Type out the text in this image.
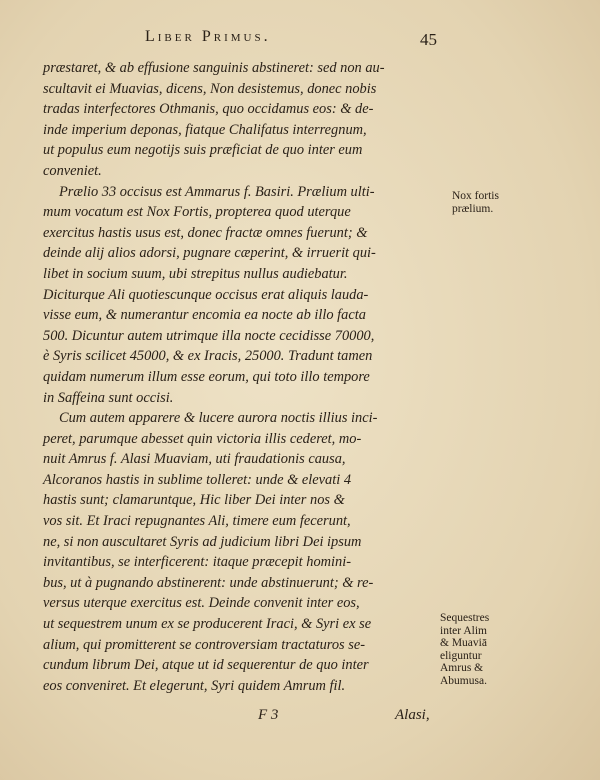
Liber Primus.	45

præstaret, & ab effusione sanguinis abstineret: sed non au-
scultavit ei Muavias, dicens, Non desistemus, donec nobis
tradas interfectores Othmanis, quo occidamus eos: & de-
inde imperium deponas, fiatque Chalifatus interregnum,
ut populus eum negotijs suis præficiat de quo inter eum
conveniet.

Prælio 33 occisus est Ammarus f. Basiri. Prælium ulti-
mum vocatum est Nox Fortis, propterea quod uterque
exercitus hastis usus est, donec fractæ omnes fuerunt; &
deinde alij alios adorsi, pugnare cæperint, & irruerit qui-
libet in socium suum, ubi strepitus nullus audiebatur.
Diciturque Ali quotiescunque occisus erat aliquis lauda-
visse eum, & numerantur encomia ea nocte ab illo facta
500. Dicuntur autem utrimque illa nocte cecidisse 70000,
è Syris scilicet 45000, & ex Iracis, 25000. Tradunt tamen
quidam numerum illum esse eorum, qui toto illo tempore
in Saffeina sunt occisi.

Cum autem apparere & lucere aurora noctis illius inci-
peret, parumque abesset quin victoria illis cederet, mo-
nuit Amrus f. Alasi Muaviam, uti fraudationis causa,
Alcoranos hastis in sublime tolleret: unde & elevati 4
hastis sunt; clamaruntque, Hic liber Dei inter nos &
vos sit. Et Iraci repugnantes Ali, timere eum fecerunt,
ne, si non auscultaret Syris ad judicium libri Dei ipsum
invitantibus, se interficerent: itaque præcepit homini-
bus, ut à pugnando abstinerent: unde abstinuerunt; & re-
versus uterque exercitus est. Deinde convenit inter eos,
ut sequestrem unum ex se producerent Iraci, & Syri ex se
alium, qui promitterent se controversiam tractaturos se-
cundum librum Dei, atque ut id sequerentur de quo inter
eos conveniret. Et elegerunt, Syri quidem Amrum fil.

Nox fortis
prælium.
Sequestres
inter Alim
& Muaviā
eliguntur
Amrus &
Abumusa.
F 3	Alasi,
